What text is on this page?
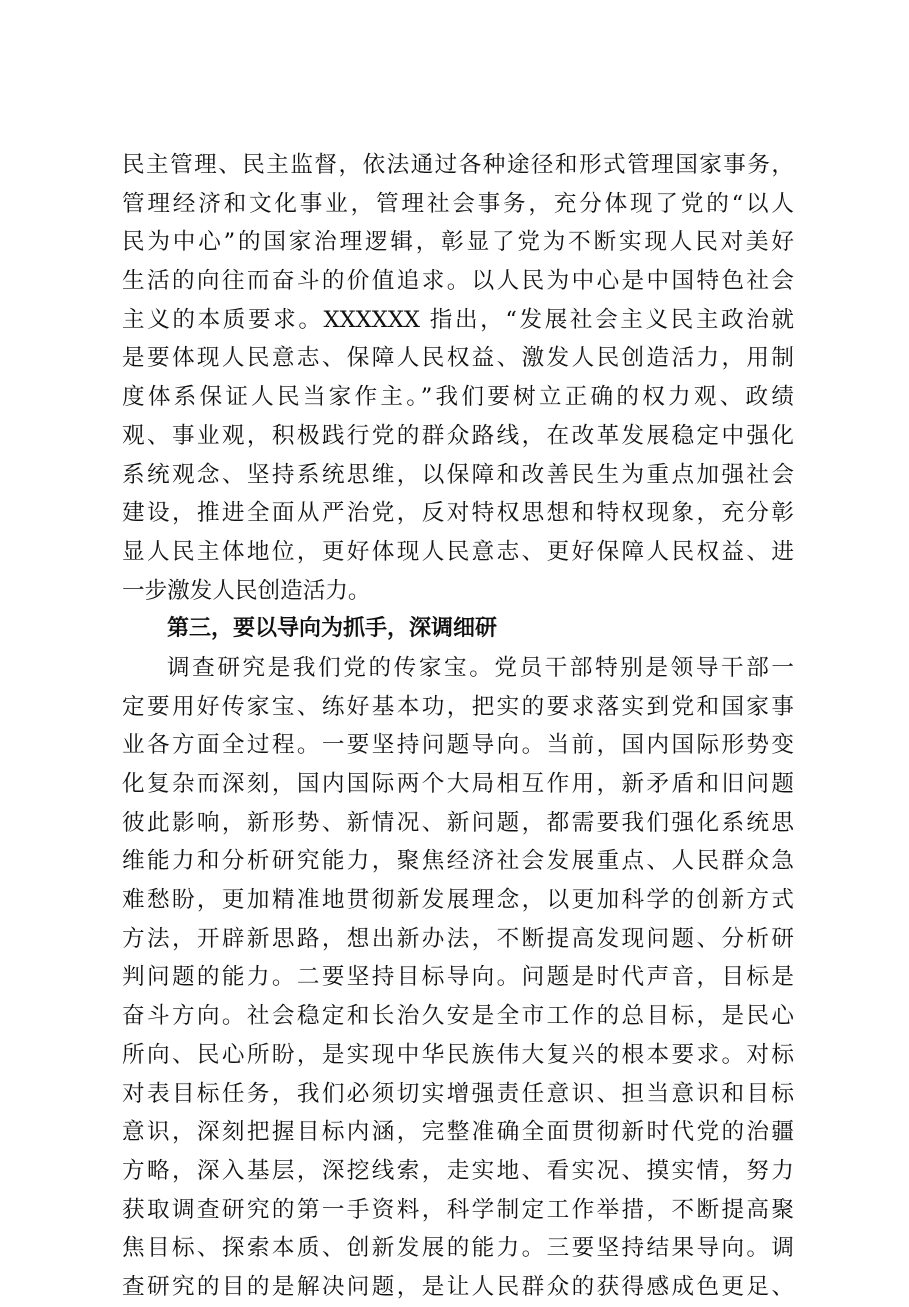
民主管理、民主监督，依法通过各种途径和形式管理国家事务，
管理经济和文化事业，管理社会事务，充分体现了党的“以人
民为中心”的国家治理逻辑，彰显了党为不断实现人民对美好
生活的向往而奋斗的价值追求。以人民为中心是中国特色社会
主义的本质要求。XXXXXX 指出，“发展社会主义民主政治就
是要体现人民意志、保障人民权益、激发人民创造活力，用制
度体系保证人民当家作主。”我们要树立正确的权力观、政绩
观、事业观，积极践行党的群众路线，在改革发展稳定中强化
系统观念、坚持系统思维，以保障和改善民生为重点加强社会
建设，推进全面从严治党，反对特权思想和特权现象，充分彰
显人民主体地位，更好体现人民意志、更好保障人民权益、进
一步激发人民创造活力。
第三，要以导向为抓手，深调细研
调查研究是我们党的传家宝。党员干部特别是领导干部一
定要用好传家宝、练好基本功，把实的要求落实到党和国家事
业各方面全过程。一要坚持问题导向。当前，国内国际形势变
化复杂而深刻，国内国际两个大局相互作用，新矛盾和旧问题
彼此影响，新形势、新情况、新问题，都需要我们强化系统思
维能力和分析研究能力，聚焦经济社会发展重点、人民群众急
难愁盼，更加精准地贯彻新发展理念，以更加科学的创新方式
方法，开辟新思路，想出新办法，不断提高发现问题、分析研
判问题的能力。二要坚持目标导向。问题是时代声音，目标是
奋斗方向。社会稳定和长治久安是全市工作的总目标，是民心
所向、民心所盼，是实现中华民族伟大复兴的根本要求。对标
对表目标任务，我们必须切实增强责任意识、担当意识和目标
意识，深刻把握目标内涵，完整准确全面贯彻新时代党的治疆
方略，深入基层，深挖线索，走实地、看实况、摸实情，努力
获取调查研究的第一手资料，科学制定工作举措，不断提高聚
焦目标、探索本质、创新发展的能力。三要坚持结果导向。调
查研究的目的是解决问题，是让人民群众的获得感成色更足、
